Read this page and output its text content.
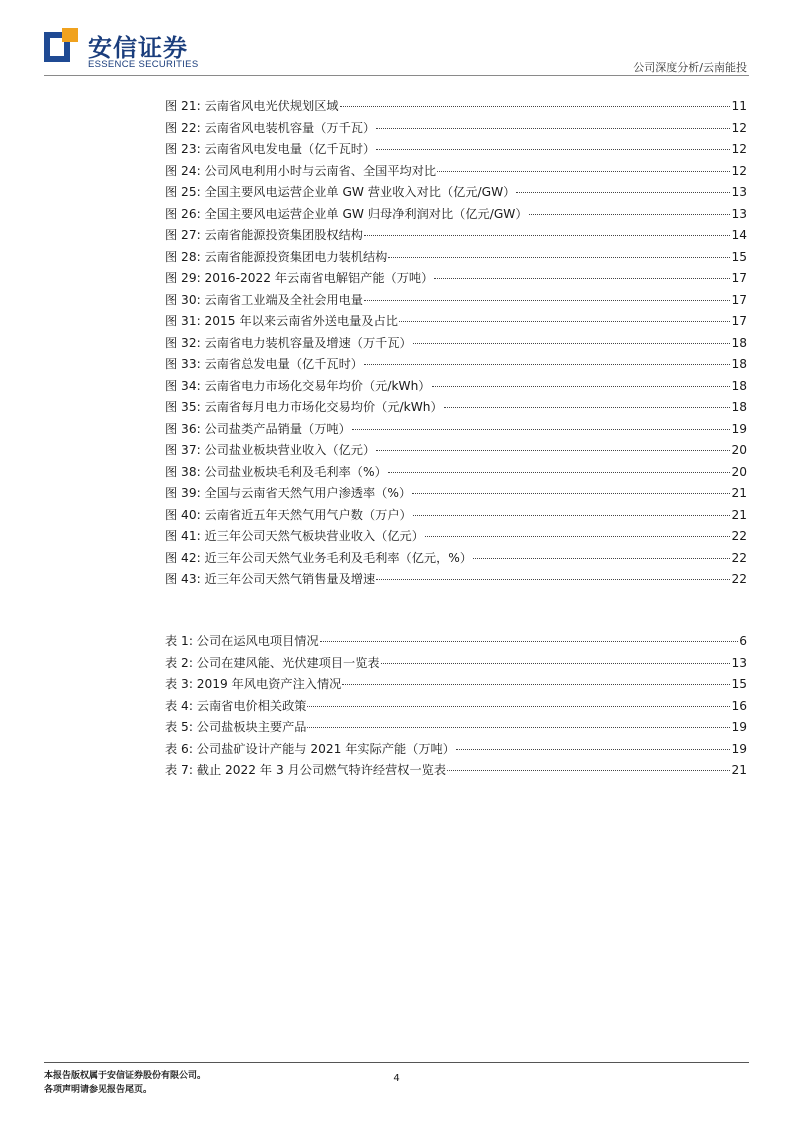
安信证券
ESSENCE SECURITIES	公司深度分析/云南能投
图 21: 云南省风电光伏规划区域	11
图 22: 云南省风电装机容量（万千瓦）	12
图 23: 云南省风电发电量（亿千瓦时）	12
图 24: 公司风电利用小时与云南省、全国平均对比	12
图 25: 全国主要风电运营企业单 GW 营业收入对比（亿元/GW）	13
图 26: 全国主要风电运营企业单 GW 归母净利润对比（亿元/GW）	13
图 27: 云南省能源投资集团股权结构	14
图 28: 云南省能源投资集团电力装机结构	15
图 29: 2016-2022 年云南省电解铝产能（万吨）	17
图 30: 云南省工业端及全社会用电量	17
图 31: 2015 年以来云南省外送电量及占比	17
图 32: 云南省电力装机容量及增速（万千瓦）	18
图 33: 云南省总发电量（亿千瓦时）	18
图 34: 云南省电力市场化交易年均价（元/kWh）	18
图 35: 云南省每月电力市场化交易均价（元/kWh）	18
图 36: 公司盐类产品销量（万吨）	19
图 37: 公司盐业板块营业收入（亿元）	20
图 38: 公司盐业板块毛利及毛利率（%）	20
图 39: 全国与云南省天然气用户渗透率（%）	21
图 40: 云南省近五年天然气用气户数（万户）	21
图 41: 近三年公司天然气板块营业收入（亿元）	22
图 42: 近三年公司天然气业务毛利及毛利率（亿元，%）	22
图 43: 近三年公司天然气销售量及增速	22
表 1: 公司在运风电项目情况	6
表 2: 公司在建风能、光伏建项目一览表	13
表 3: 2019 年风电资产注入情况	15
表 4: 云南省电价相关政策	16
表 5: 公司盐板块主要产品	19
表 6: 公司盐矿设计产能与 2021 年实际产能（万吨）	19
表 7: 截止 2022 年 3 月公司燃气特许经营权一览表	21
本报告版权属于安信证券股份有限公司。
各项声明请参见报告尾页。
4
